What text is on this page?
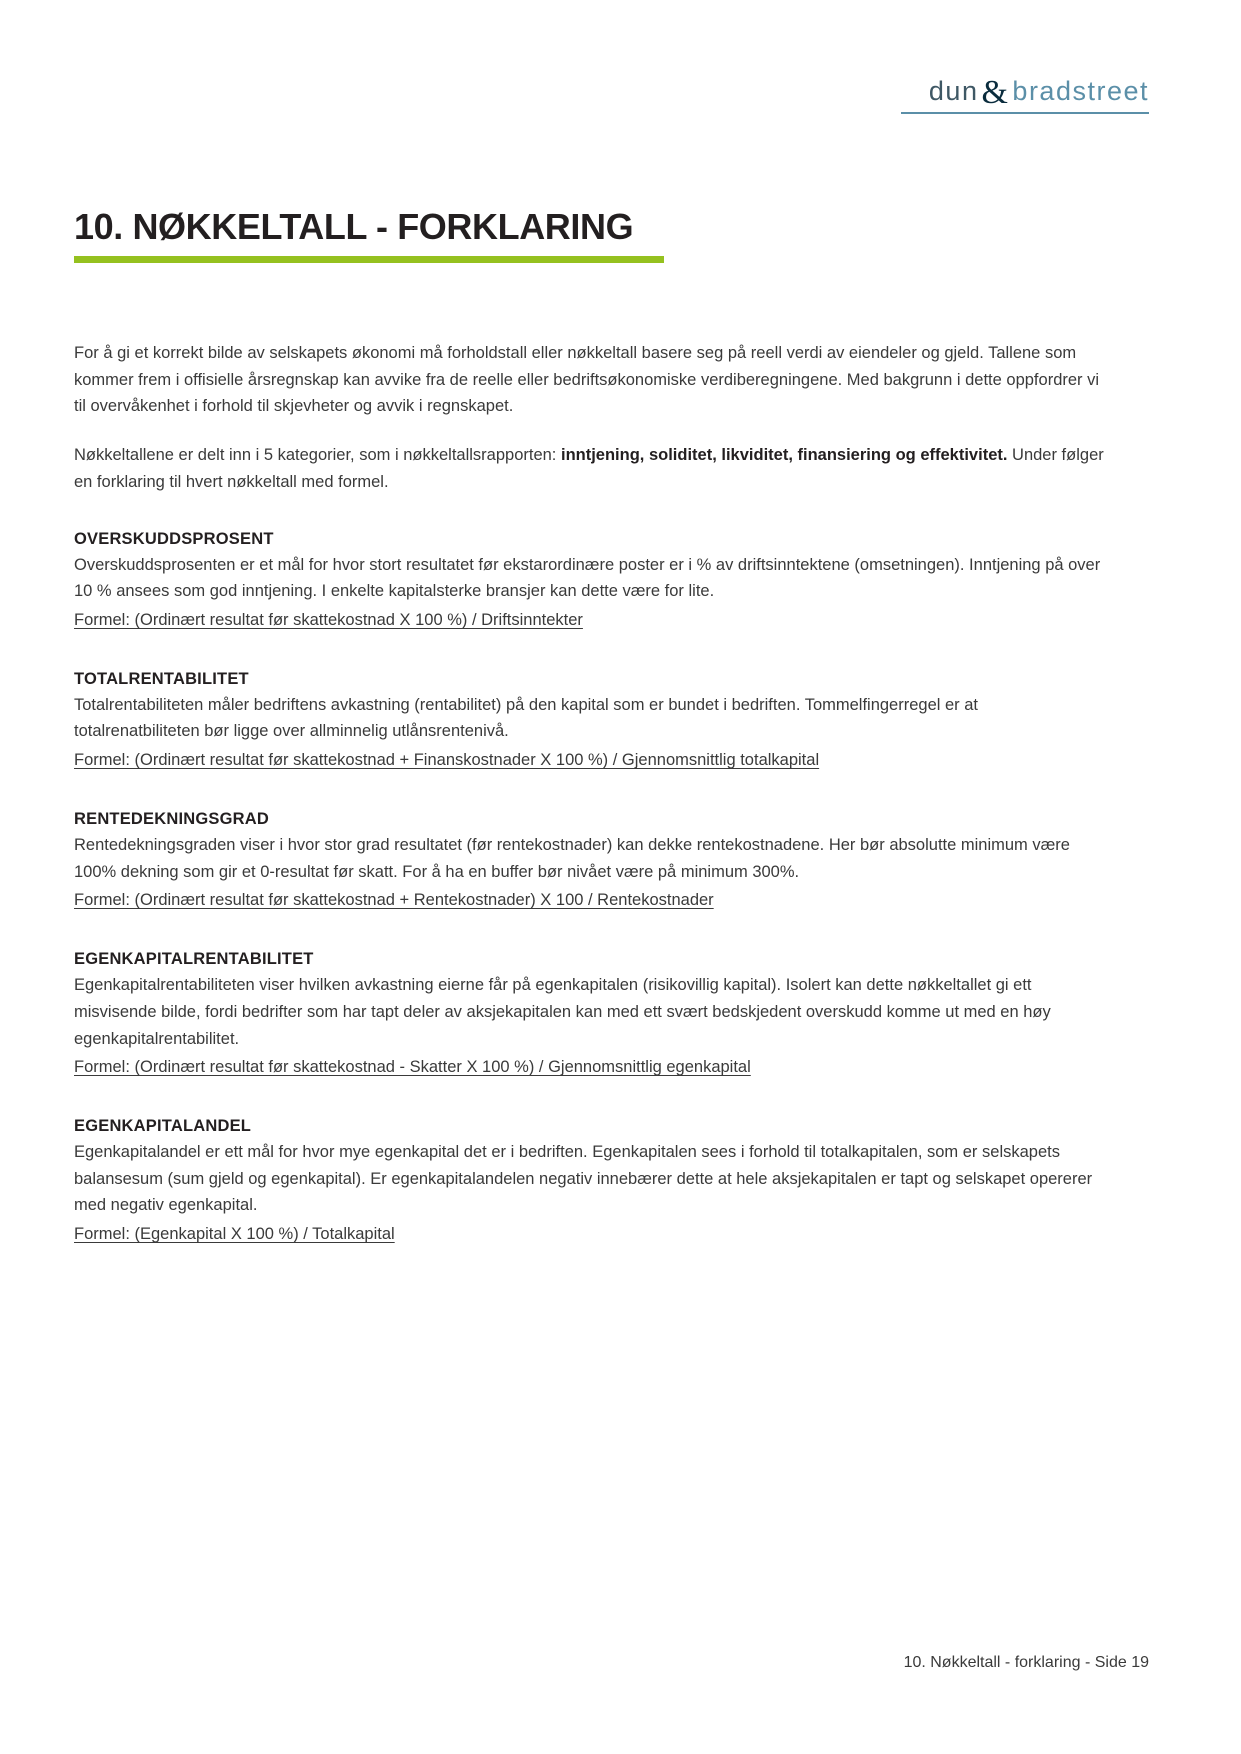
dun & bradstreet
10. NØKKELTALL - FORKLARING

For å gi et korrekt bilde av selskapets økonomi må forholdstall eller nøkkeltall basere seg på reell verdi av eiendeler og gjeld. Tallene som kommer frem i offisielle årsregnskap kan avvike fra de reelle eller bedriftsøkonomiske verdiberegningene. Med bakgrunn i dette oppfordrer vi til overvåkenhet i forhold til skjevheter og avvik i regnskapet.

Nøkkeltallene er delt inn i 5 kategorier, som i nøkkeltallsrapporten: inntjening, soliditet, likviditet, finansiering og effektivitet. Under følger en forklaring til hvert nøkkeltall med formel.

OVERSKUDDSPROSENT

Overskuddsprosenten er et mål for hvor stort resultatet før ekstarordinære poster er i % av driftsinntektene (omsetningen). Inntjening på over 10 % ansees som god inntjening. I enkelte kapitalsterke bransjer kan dette være for lite.

Formel: (Ordinært resultat før skattekostnad X 100 %) / Driftsinntekter
TOTALRENTABILITET

Totalrentabiliteten måler bedriftens avkastning (rentabilitet) på den kapital som er bundet i bedriften. Tommelfingerregel er at totalrenatbiliteten bør ligge over allminnelig utlånsrentenivå.

Formel: (Ordinært resultat før skattekostnad + Finanskostnader X 100 %) / Gjennomsnittlig totalkapital
RENTEDEKNINGSGRAD

Rentedekningsgraden viser i hvor stor grad resultatet (før rentekostnader) kan dekke rentekostnadene. Her bør absolutte minimum være 100% dekning som gir et 0-resultat før skatt. For å ha en buffer bør nivået være på minimum 300%.

Formel: (Ordinært resultat før skattekostnad + Rentekostnader) X 100 / Rentekostnader
EGENKAPITALRENTABILITET

Egenkapitalrentabiliteten viser hvilken avkastning eierne får på egenkapitalen (risikovillig kapital). Isolert kan dette nøkkeltallet gi ett misvisende bilde, fordi bedrifter som har tapt deler av aksjekapitalen kan med ett svært bedskjedent overskudd komme ut med en høy egenkapitalrentabilitet.

Formel: (Ordinært resultat før skattekostnad - Skatter X 100 %) / Gjennomsnittlig egenkapital
EGENKAPITALANDEL

Egenkapitalandel er ett mål for hvor mye egenkapital det er i bedriften. Egenkapitalen sees i forhold til totalkapitalen, som er selskapets balansesum (sum gjeld og egenkapital). Er egenkapitalandelen negativ innebærer dette at hele aksjekapitalen er tapt og selskapet opererer med negativ egenkapital.

Formel: (Egenkapital X 100 %) / Totalkapital
10. Nøkkeltall - forklaring - Side 19
